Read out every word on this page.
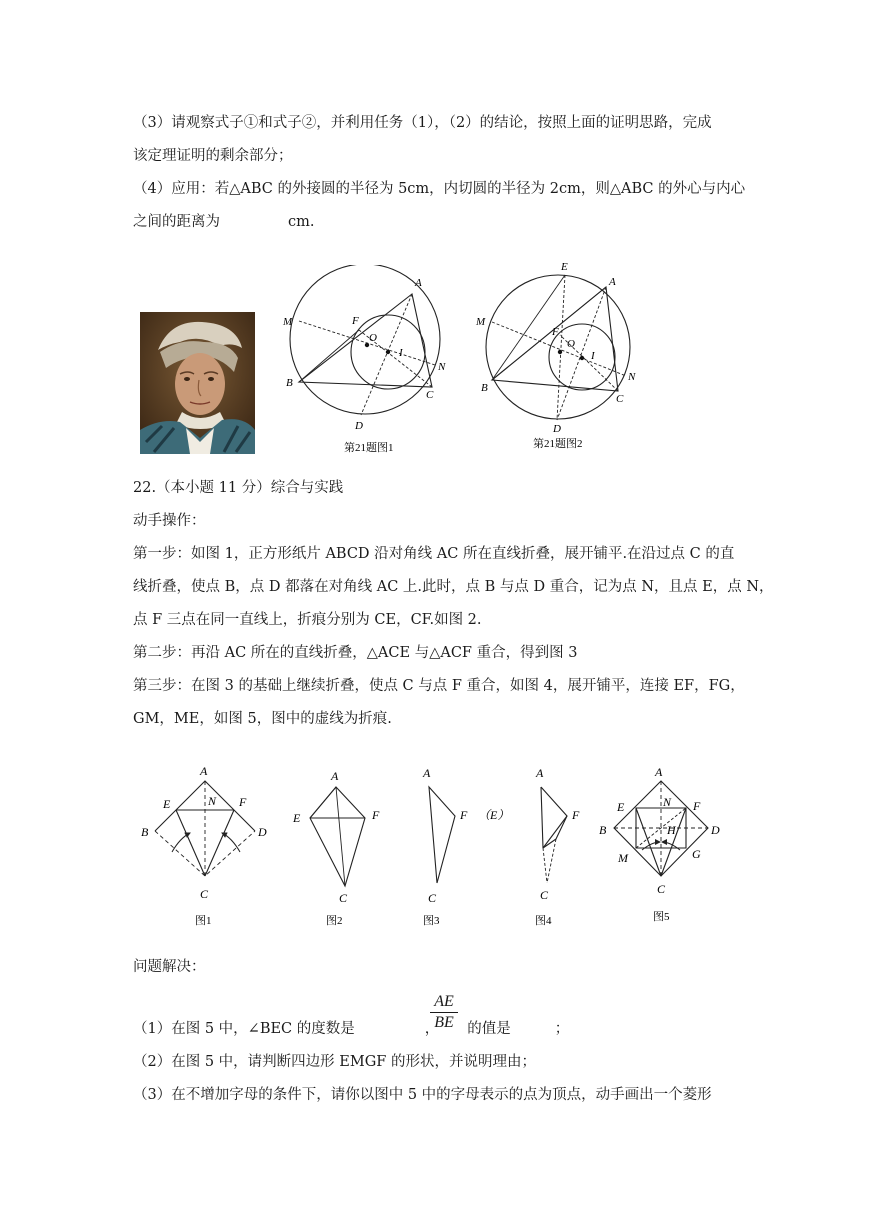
（3）请观察式子①和式子②，并利用任务（1），（2）的结论，按照上面的证明思路，完成
该定理证明的剩余部分；
（4）应用：若△ABC 的外接圆的半径为 5cm，内切圆的半径为 2cm，则△ABC 的外心与内心
之间的距离为	cm.
A
M	F
O
I
N
B
C
D
第21题图1
E
A
M
F
O
I
N
B
C
D
第21题图2
22.（本小题 11 分）综合与实践
动手操作：
第一步：如图 1，正方形纸片 ABCD 沿对角线 AC 所在直线折叠，展开铺平.在沿过点 C 的直
线折叠，使点 B，点 D 都落在对角线 AC 上.此时，点 B 与点 D 重合，记为点 N，且点 E，点 N，
点 F 三点在同一直线上，折痕分别为 CE，CF.如图 2.
第二步：再沿 AC 所在的直线折叠，△ACE 与△ACF 重合，得到图 3
第三步：在图 3 的基础上继续折叠，使点 C 与点 F 重合，如图 4，展开铺平，连接 EF，FG，
GM，ME，如图 5，图中的虚线为折痕.
A
E	N F
B	D
C
图1
A
E	F
C
图2
A
F （E）
C
图3
A
F
C
图4
A
E	N F
B	H	D
M	G
C
图5
问题解决：
（1）在图 5 中，∠BEC 的度数是	， 的值是	；
AE
BE
（2）在图 5 中，请判断四边形 EMGF 的形状，并说明理由；
（3）在不增加字母的条件下，请你以图中 5 中的字母表示的点为顶点，动手画出一个菱形
